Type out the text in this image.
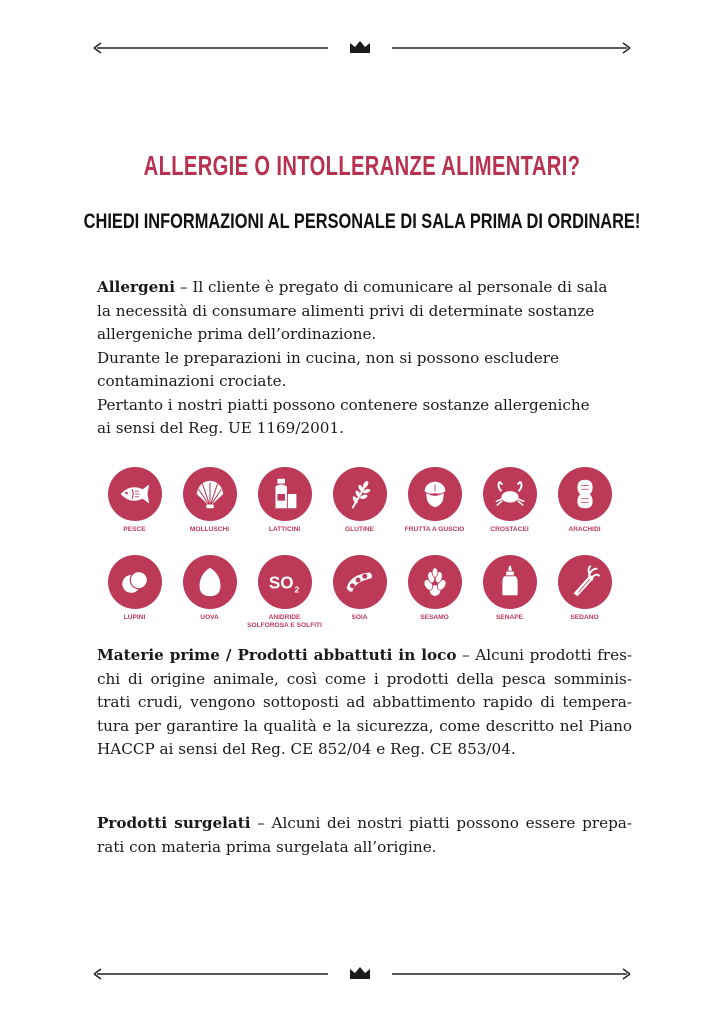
ALLERGIE O INTOLLERANZE ALIMENTARI?
CHIEDI INFORMAZIONI AL PERSONALE DI SALA PRIMA DI ORDINARE!
Allergeni – Il cliente è pregato di comunicare al personale di sala
la necessità di consumare alimenti privi di determinate sostanze
allergeniche prima dell’ordinazione.
Durante le preparazioni in cucina, non si possono escludere
contaminazioni crociate.
Pertanto i nostri piatti possono contenere sostanze allergeniche
ai sensi del Reg. UE 1169/2001.
PESCE	MOLLUSCHI	LATTICINI	GLUTINE	FRUTTA A GUSCIO	CROSTACEI	ARACHIDI
LUPINI	UOVA
SO 2
ANIDRIDE SOLFOROSA E SOLFITI
SOIA	SESAMO	SENAPE	SEDANO
Materie prime / Prodotti abbattuti in loco – Alcuni prodotti fres-
chi di origine animale, così come i prodotti della pesca somminis-
trati crudi, vengono sottoposti ad abbattimento rapido di tempera-
tura per garantire la qualità e la sicurezza, come descritto nel Piano
HACCP ai sensi del Reg. CE 852/04 e Reg. CE 853/04.
Prodotti surgelati – Alcuni dei nostri piatti possono essere prepa-
rati con materia prima surgelata all’origine.
